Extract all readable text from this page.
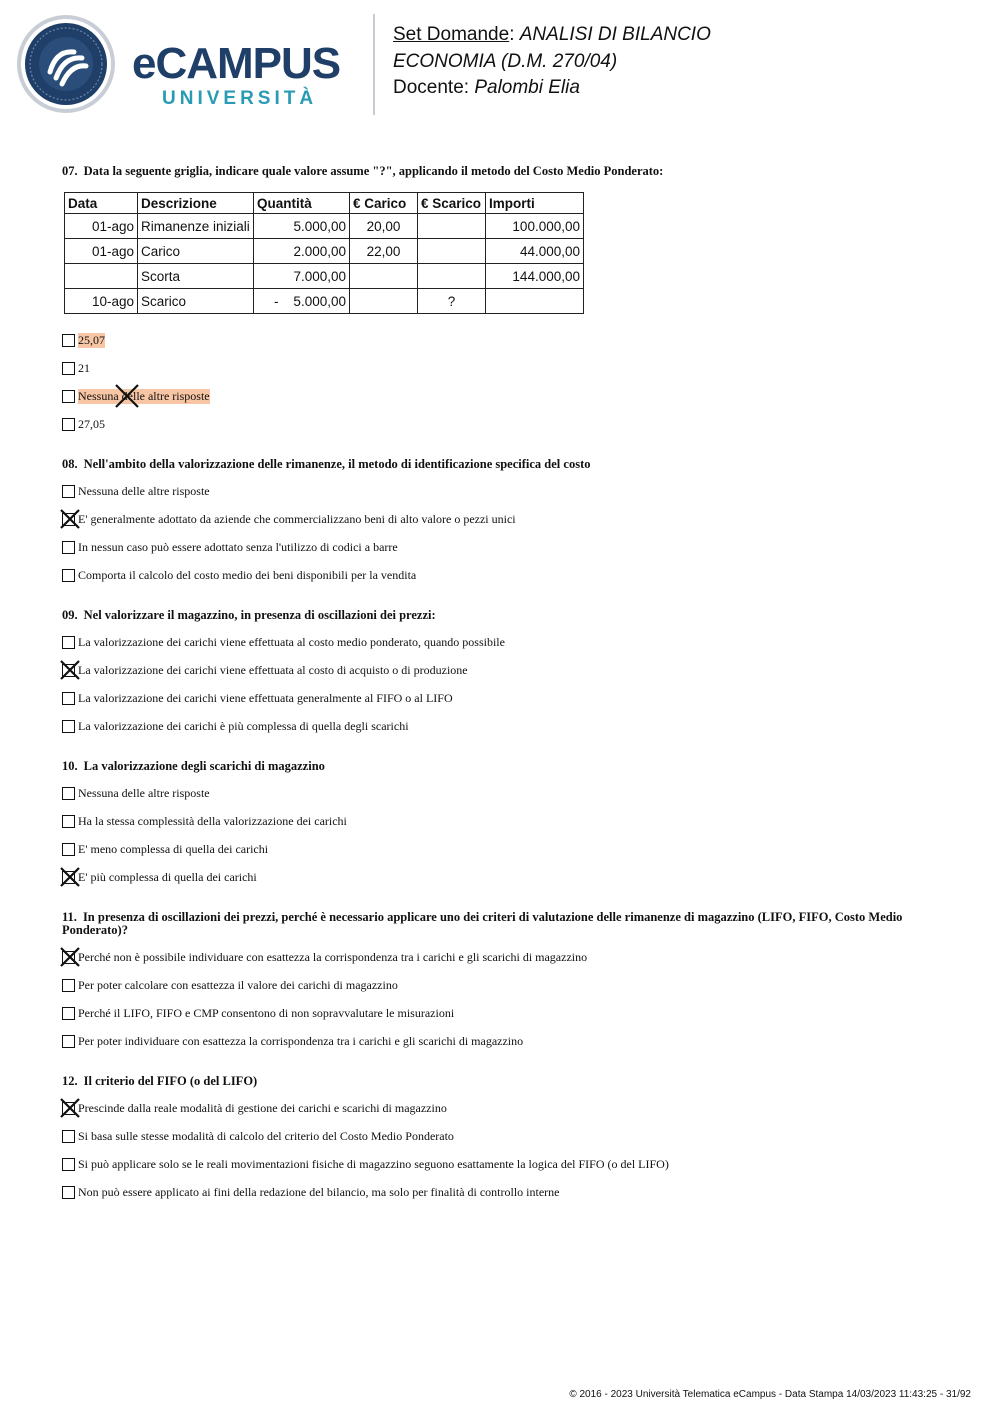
eCAMPUS
UNIVERSITÀ
Set Domande: ANALISI DI BILANCIO
ECONOMIA (D.M. 270/04)
Docente: Palombi Elia

07. Data la seguente griglia, indicare quale valore assume "?", applicando il metodo del Costo Medio Ponderato:

Data	Descrizione	Quantità	€ Carico	€ Scarico	Importi
01-ago	Rimanenze iniziali	5.000,00	20,00		100.000,00
01-ago	Carico	2.000,00	22,00		44.000,00
	Scorta	7.000,00			144.000,00
10-ago	Scarico	-    5.000,00		?	
25,07
21
Nessuna delle altre risposte
27,05

08. Nell'ambito della valorizzazione delle rimanenze, il metodo di identificazione specifica del costo

Nessuna delle altre risposte
E' generalmente adottato da aziende che commercializzano beni di alto valore o pezzi unici
In nessun caso può essere adottato senza l'utilizzo di codici a barre
Comporta il calcolo del costo medio dei beni disponibili per la vendita

09. Nel valorizzare il magazzino, in presenza di oscillazioni dei prezzi:

La valorizzazione dei carichi viene effettuata al costo medio ponderato, quando possibile
La valorizzazione dei carichi viene effettuata al costo di acquisto o di produzione
La valorizzazione dei carichi viene effettuata generalmente al FIFO o al LIFO
La valorizzazione dei carichi è più complessa di quella degli scarichi

10. La valorizzazione degli scarichi di magazzino

Nessuna delle altre risposte
Ha la stessa complessità della valorizzazione dei carichi
E' meno complessa di quella dei carichi
E' più complessa di quella dei carichi

11. In presenza di oscillazioni dei prezzi, perché è necessario applicare uno dei criteri di valutazione delle rimanenze di magazzino (LIFO, FIFO, Costo Medio Ponderato)?

Perché non è possibile individuare con esattezza la corrispondenza tra i carichi e gli scarichi di magazzino
Per poter calcolare con esattezza il valore dei carichi di magazzino
Perché il LIFO, FIFO e CMP consentono di non sopravvalutare le misurazioni
Per poter individuare con esattezza la corrispondenza tra i carichi e gli scarichi di magazzino

12. Il criterio del FIFO (o del LIFO)

Prescinde dalla reale modalità di gestione dei carichi e scarichi di magazzino
Si basa sulle stesse modalità di calcolo del criterio del Costo Medio Ponderato
Si può applicare solo se le reali movimentazioni fisiche di magazzino seguono esattamente la logica del FIFO (o del LIFO)
Non può essere applicato ai fini della redazione del bilancio, ma solo per finalità di controllo interne
© 2016 - 2023 Università Telematica eCampus - Data Stampa 14/03/2023 11:43:25 - 31/92
